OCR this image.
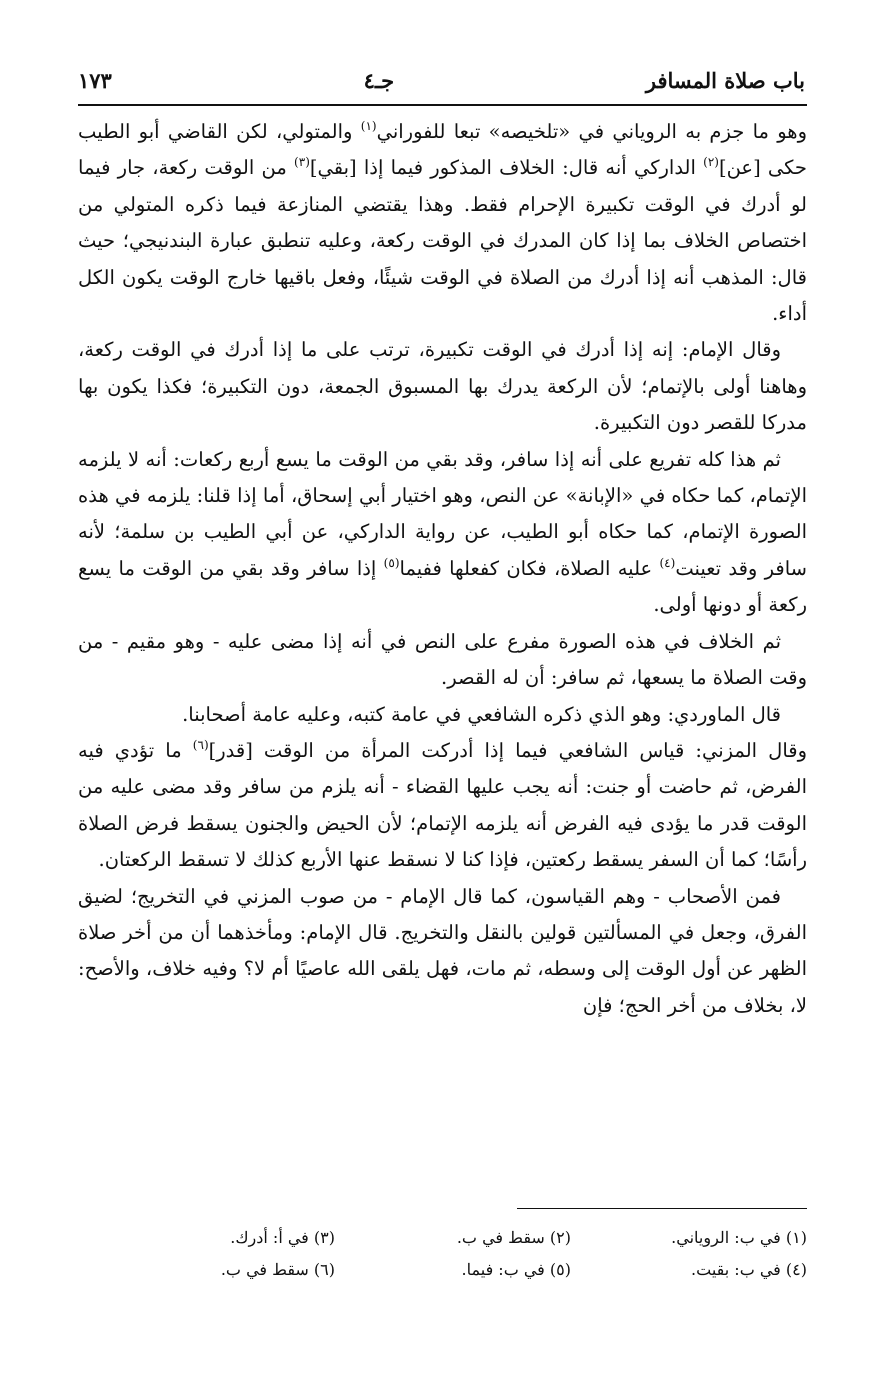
باب صلاة المسافر
جـ٤
١٧٣

وهو ما جزم به الروياني في «تلخيصه» تبعا للفوراني$^{(١)}$ والمتولي، لكن القاضي أبو الطيب حكى [عن]$^{(٢)}$ الداركي أنه قال: الخلاف المذكور فيما إذا [بقي]$^{(٣)}$ من الوقت ركعة، جار فيما لو أدرك في الوقت تكبيرة الإحرام فقط. وهذا يقتضي المنازعة فيما ذكره المتولي من اختصاص الخلاف بما إذا كان المدرك في الوقت ركعة، وعليه تنطبق عبارة البندنيجي؛ حيث قال: المذهب أنه إذا أدرك من الصلاة في الوقت شيئًا، وفعل باقيها خارج الوقت يكون الكل أداء.

وقال الإمام: إنه إذا أدرك في الوقت تكبيرة، ترتب على ما إذا أدرك في الوقت ركعة، وهاهنا أولى بالإتمام؛ لأن الركعة يدرك بها المسبوق الجمعة، دون التكبيرة؛ فكذا يكون بها مدركا للقصر دون التكبيرة.

ثم هذا كله تفريع على أنه إذا سافر، وقد بقي من الوقت ما يسع أربع ركعات: أنه لا يلزمه الإتمام، كما حكاه في «الإبانة» عن النص، وهو اختيار أبي إسحاق، أما إذا قلنا: يلزمه في هذه الصورة الإتمام، كما حكاه أبو الطيب، عن رواية الداركي، عن أبي الطيب بن سلمة؛ لأنه سافر وقد تعينت$^{(٤)}$ عليه الصلاة، فكان كفعلها ففيما$^{(٥)}$ إذا سافر وقد بقي من الوقت ما يسع ركعة أو دونها أولى.

ثم الخلاف في هذه الصورة مفرع على النص في أنه إذا مضى عليه - وهو مقيم - من وقت الصلاة ما يسعها، ثم سافر: أن له القصر.

قال الماوردي: وهو الذي ذكره الشافعي في عامة كتبه، وعليه عامة أصحابنا.

وقال المزني: قياس الشافعي فيما إذا أدركت المرأة من الوقت [قدر]$^{(٦)}$ ما تؤدي فيه الفرض، ثم حاضت أو جنت: أنه يجب عليها القضاء - أنه يلزم من سافر وقد مضى عليه من الوقت قدر ما يؤدى فيه الفرض أنه يلزمه الإتمام؛ لأن الحيض والجنون يسقط فرض الصلاة رأسًا؛ كما أن السفر يسقط ركعتين، فإذا كنا لا نسقط عنها الأربع كذلك لا تسقط الركعتان.

فمن الأصحاب - وهم القياسون، كما قال الإمام - من صوب المزني في التخريج؛ لضيق الفرق، وجعل في المسألتين قولين بالنقل والتخريج. قال الإمام: ومأخذهما أن من أخر صلاة الظهر عن أول الوقت إلى وسطه، ثم مات، فهل يلقى الله عاصيًا أم لا؟ وفيه خلاف، والأصح: لا، بخلاف من أخر الحج؛ فإن

(١) في ب: الروياني.
(٢) سقط في ب.
(٣) في أ: أدرك.
(٤) في ب: بقيت.
(٥) في ب: فيما.
(٦) سقط في ب.
